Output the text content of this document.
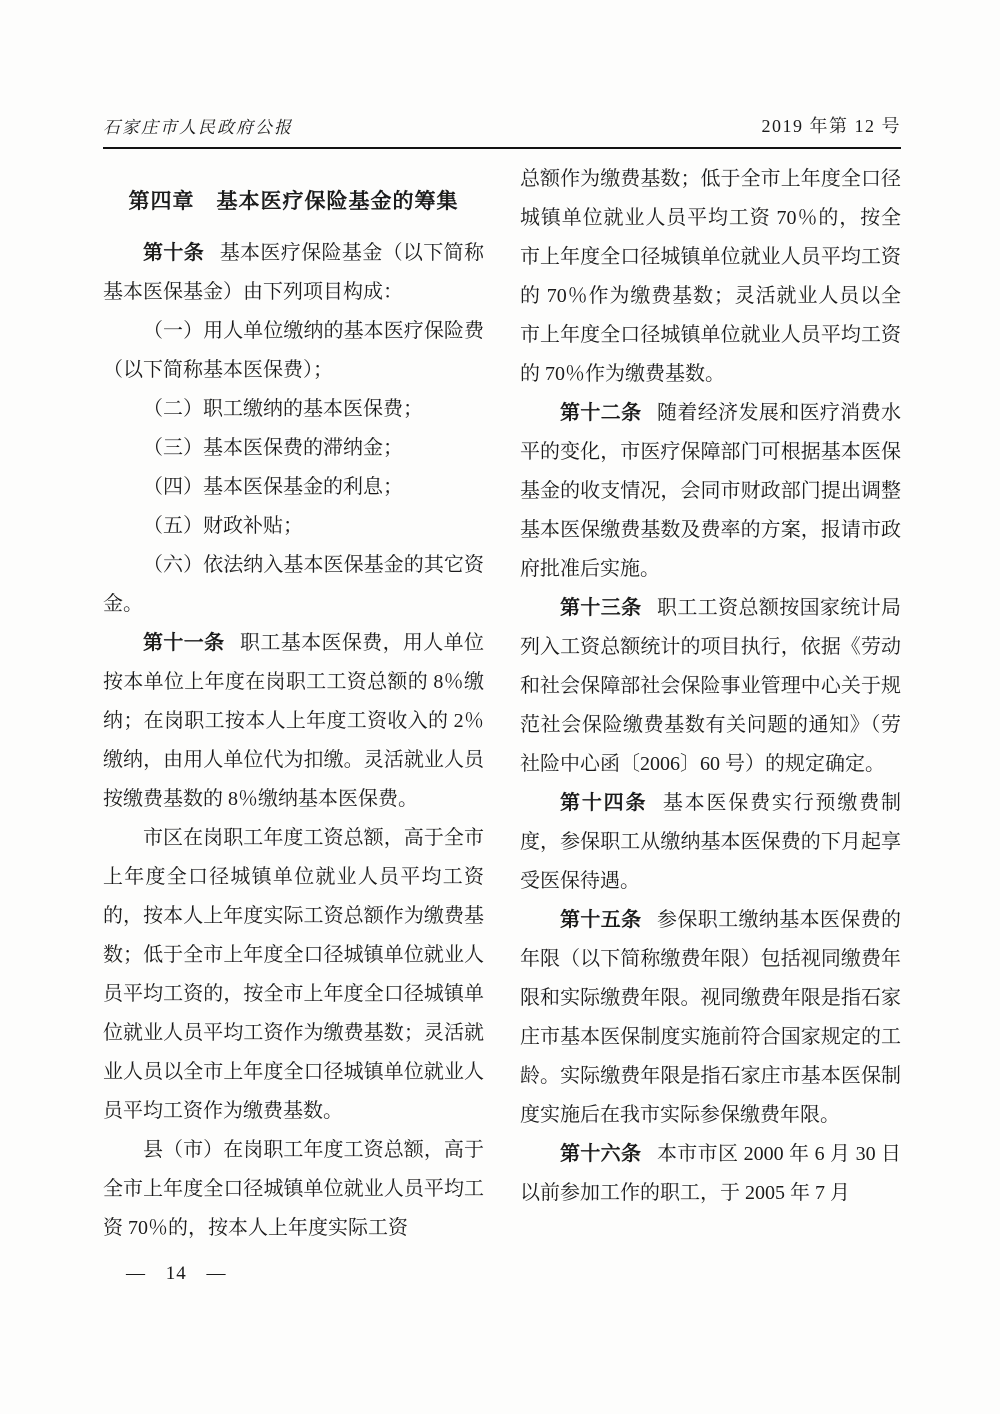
石家庄市人民政府公报	2019 年第 12 号
第四章　基本医疗保险基金的筹集

第十条 基本医疗保险基金（以下简称基本医保基金）由下列项目构成：

（一）用人单位缴纳的基本医疗保险费（以下简称基本医保费）；

（二）职工缴纳的基本医保费；

（三）基本医保费的滞纳金；

（四）基本医保基金的利息；

（五）财政补贴；

（六）依法纳入基本医保基金的其它资金。

第十一条 职工基本医保费，用人单位按本单位上年度在岗职工工资总额的 8％缴纳；在岗职工按本人上年度工资收入的 2％缴纳，由用人单位代为扣缴。灵活就业人员按缴费基数的 8％缴纳基本医保费。

市区在岗职工年度工资总额，高于全市上年度全口径城镇单位就业人员平均工资的，按本人上年度实际工资总额作为缴费基数；低于全市上年度全口径城镇单位就业人员平均工资的，按全市上年度全口径城镇单位就业人员平均工资作为缴费基数；灵活就业人员以全市上年度全口径城镇单位就业人员平均工资作为缴费基数。

县（市）在岗职工年度工资总额，高于全市上年度全口径城镇单位就业人员平均工资 70％的，按本人上年度实际工资

总额作为缴费基数；低于全市上年度全口径城镇单位就业人员平均工资 70％的，按全市上年度全口径城镇单位就业人员平均工资的 70％作为缴费基数；灵活就业人员以全市上年度全口径城镇单位就业人员平均工资的 70％作为缴费基数。

第十二条 随着经济发展和医疗消费水平的变化，市医疗保障部门可根据基本医保基金的收支情况，会同市财政部门提出调整基本医保缴费基数及费率的方案，报请市政府批准后实施。

第十三条 职工工资总额按国家统计局列入工资总额统计的项目执行，依据《劳动和社会保障部社会保险事业管理中心关于规范社会保险缴费基数有关问题的通知》（劳社险中心函〔2006〕60 号）的规定确定。

第十四条 基本医保费实行预缴费制度，参保职工从缴纳基本医保费的下月起享受医保待遇。

第十五条 参保职工缴纳基本医保费的年限（以下简称缴费年限）包括视同缴费年限和实际缴费年限。视同缴费年限是指石家庄市基本医保制度实施前符合国家规定的工龄。实际缴费年限是指石家庄市基本医保制度实施后在我市实际参保缴费年限。

第十六条 本市市区 2000 年 6 月 30 日以前参加工作的职工，于 2005 年 7 月

— 14 —
